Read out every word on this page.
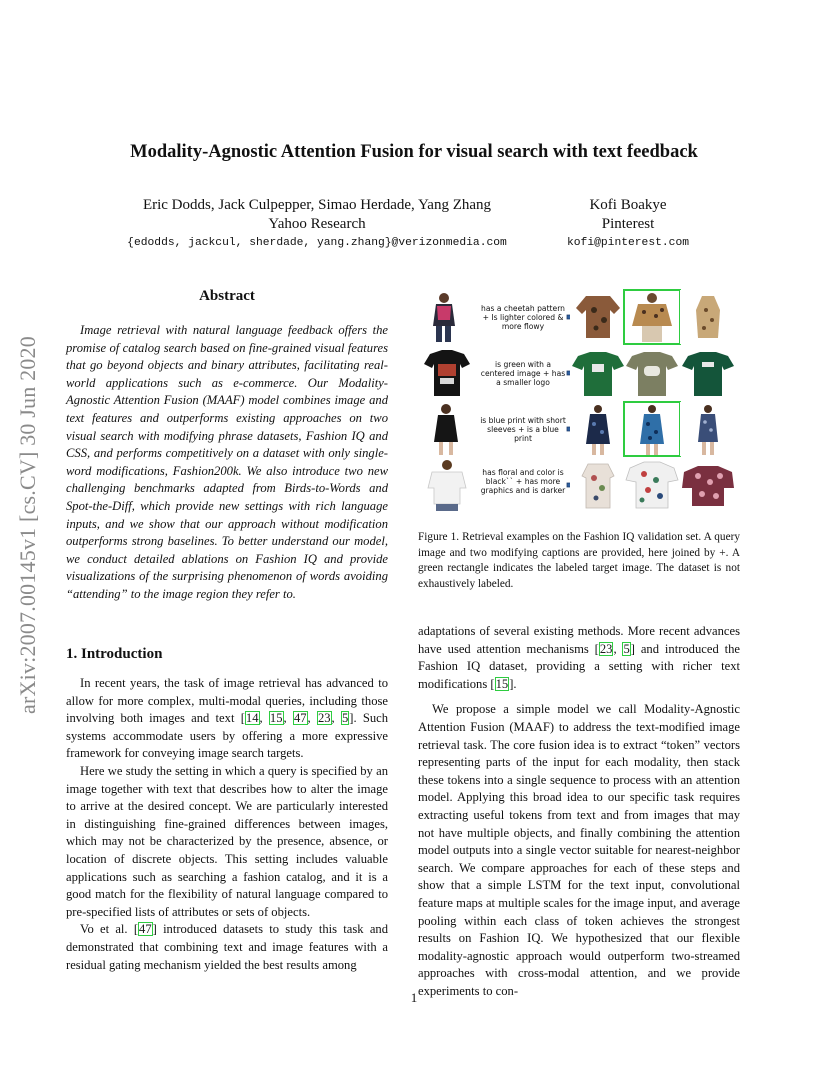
arXiv:2007.00145v1 [cs.CV] 30 Jun 2020
Modality-Agnostic Attention Fusion for visual search with text feedback
Eric Dodds, Jack Culpepper, Simao Herdade, Yang Zhang
Yahoo Research
{edodds, jackcul, sherdade, yang.zhang}@verizonmedia.com
Kofi Boakye
Pinterest
kofi@pinterest.com
Abstract

Image retrieval with natural language feedback offers the promise of catalog search based on fine-grained visual features that go beyond objects and binary attributes, facilitating real-world applications such as e-commerce. Our Modality-Agnostic Attention Fusion (MAAF) model combines image and text features and outperforms existing approaches on two visual search with modifying phrase datasets, Fashion IQ and CSS, and performs competitively on a dataset with only single-word modifications, Fashion200k. We also introduce two new challenging benchmarks adapted from Birds-to-Words and Spot-the-Diff, which provide new settings with rich language inputs, and we show that our approach without modification outperforms strong baselines. To better understand our model, we conduct detailed ablations on Fashion IQ and provide visualizations of the surprising phenomenon of words avoiding “attending” to the image region they refer to.

1. Introduction

In recent years, the task of image retrieval has advanced to allow for more complex, multi-modal queries, including those involving both images and text [14, 15, 47, 23, 5]. Such systems accommodate users by offering a more expressive framework for conveying image search targets.

Here we study the setting in which a query is specified by an image together with text that describes how to alter the image to arrive at the desired concept. We are particularly interested in distinguishing fine-grained differences between images, which may not be characterized by the presence, absence, or location of discrete objects. This setting includes valuable applications such as searching a fashion catalog, and it is a good match for the flexibility of natural language compared to pre-specified lists of attributes or sets of objects.

Vo et al. [47] introduced datasets to study this task and demonstrated that combining text and image features with a residual gating mechanism yielded the best results among

has a cheetah pattern + Is lighter colored & more flowy
is green with a centered image + has a smaller logo
is blue print with short sleeves + is a blue print
has floral and color is black`` + has more graphics and is darker
Figure 1. Retrieval examples on the Fashion IQ validation set. A query image and two modifying captions are provided, here joined by +. A green rectangle indicates the labeled target image. The dataset is not exhaustively labeled.

adaptations of several existing methods. More recent advances have used attention mechanisms [23, 5] and introduced the Fashion IQ dataset, providing a setting with richer text modifications [15].

We propose a simple model we call Modality-Agnostic Attention Fusion (MAAF) to address the text-modified image retrieval task. The core fusion idea is to extract “token” vectors representing parts of the input for each modality, then stack these tokens into a single sequence to process with an attention model. Applying this broad idea to our specific task requires extracting useful tokens from text and from images that may not have multiple objects, and finally combining the attention model outputs into a single vector suitable for nearest-neighbor search. We compare approaches for each of these steps and show that a simple LSTM for the text input, convolutional feature maps at multiple scales for the image input, and average pooling within each class of token achieves the strongest results on Fashion IQ. We hypothesized that our flexible modality-agnostic approach would outperform two-streamed approaches with cross-modal attention, and we provide experiments to con-

1
